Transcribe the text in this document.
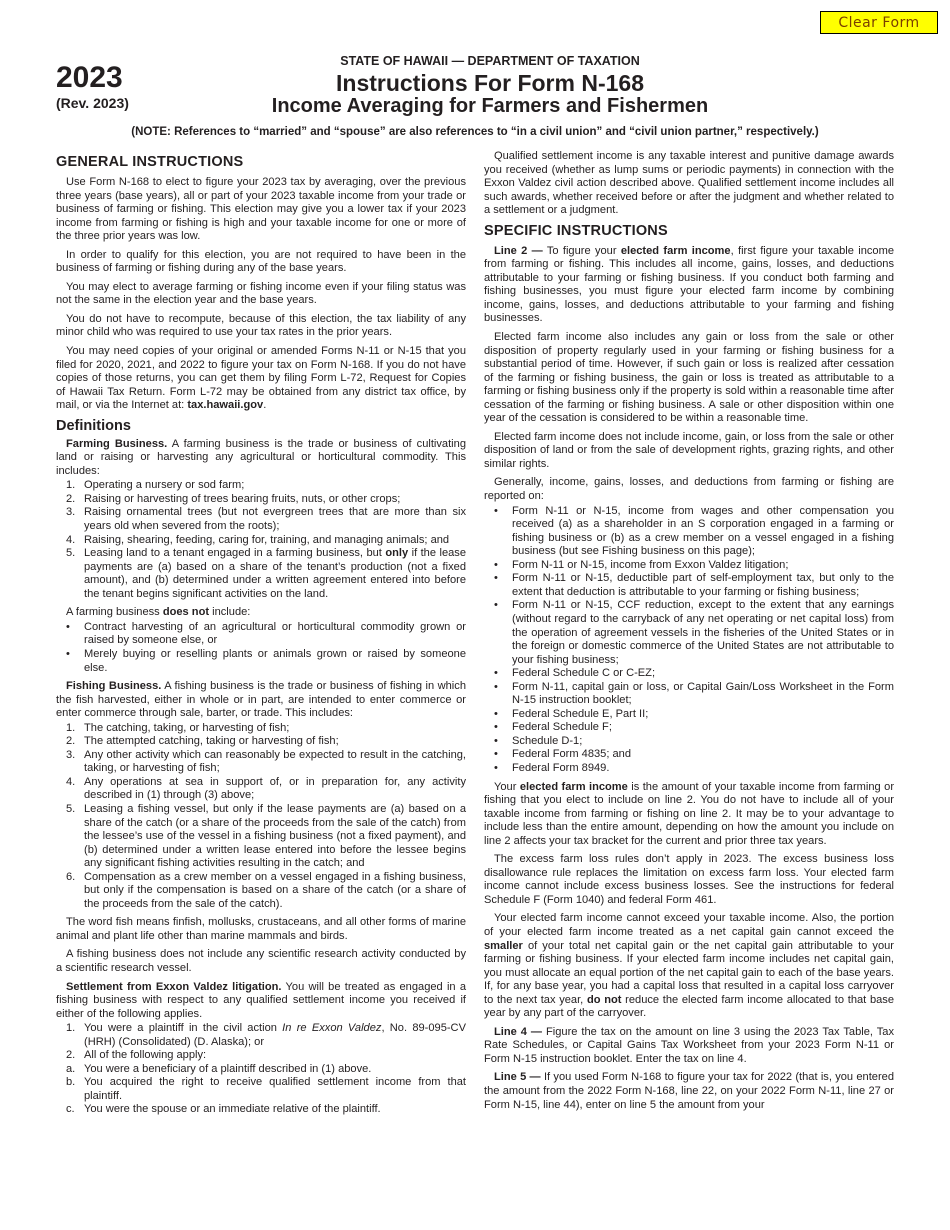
Clear Form
2023
(Rev. 2023)
STATE OF HAWAII — DEPARTMENT OF TAXATION
Instructions For Form N-168
Income Averaging for Farmers and Fishermen
(NOTE: References to “married” and “spouse” are also references to “in a civil union” and “civil union partner,” respectively.)
GENERAL INSTRUCTIONS

Use Form N-168 to elect to figure your 2023 tax by averaging, over the previous three years (base years), all or part of your 2023 taxable income from your trade or business of farming or fishing. This election may give you a lower tax if your 2023 income from farming or fishing is high and your taxable income for one or more of the three prior years was low.

In order to qualify for this election, you are not required to have been in the business of farming or fishing during any of the base years.

You may elect to average farming or fishing income even if your filing status was not the same in the election year and the base years.

You do not have to recompute, because of this election, the tax liability of any minor child who was required to use your tax rates in the prior years.

You may need copies of your original or amended Forms N-11 or N-15 that you filed for 2020, 2021, and 2022 to figure your tax on Form N-168. If you do not have copies of those returns, you can get them by filing Form L-72, Request for Copies of Hawaii Tax Return. Form L-72 may be obtained from any district tax office, by mail, or via the Internet at: tax.hawaii.gov.

Definitions

Farming Business. A farming business is the trade or business of cultivating land or raising or harvesting any agricultural or horticultural commodity. This includes:

1. Operating a nursery or sod farm;
2. Raising or harvesting of trees bearing fruits, nuts, or other crops;
3. Raising ornamental trees (but not evergreen trees that are more than six years old when severed from the roots);
4. Raising, shearing, feeding, caring for, training, and managing animals; and
5. Leasing land to a tenant engaged in a farming business, but only if the lease payments are (a) based on a share of the tenant’s production (not a fixed amount), and (b) determined under a written agreement entered into before the tenant begins significant activities on the land.

A farming business does not include:

•	Contract harvesting of an agricultural or horticultural commodity grown or raised by someone else, or
•	Merely buying or reselling plants or animals grown or raised by someone else.

Fishing Business. A fishing business is the trade or business of fishing in which the fish harvested, either in whole or in part, are intended to enter commerce or enter commerce through sale, barter, or trade. This includes:

1. The catching, taking, or harvesting of fish;
2. The attempted catching, taking or harvesting of fish;
3. Any other activity which can reasonably be expected to result in the catching, taking, or harvesting of fish;
4. Any operations at sea in support of, or in preparation for, any activity described in (1) through (3) above;
5. Leasing a fishing vessel, but only if the lease payments are (a) based on a share of the catch (or a share of the proceeds from the sale of the catch) from the lessee’s use of the vessel in a fishing business (not a fixed payment), and (b) determined under a written lease entered into before the lessee begins any significant fishing activities resulting in the catch; and
6. Compensation as a crew member on a vessel engaged in a fishing business, but only if the compensation is based on a share of the catch (or a share of the proceeds from the sale of the catch).

The word fish means finfish, mollusks, crustaceans, and all other forms of marine animal and plant life other than marine mammals and birds.

A fishing business does not include any scientific research activity conducted by a scientific research vessel.

Settlement from Exxon Valdez litigation. You will be treated as engaged in a fishing business with respect to any qualified settlement income you received if either of the following applies.

1. You were a plaintiff in the civil action In re Exxon Valdez, No. 89-095-CV (HRH) (Consolidated) (D. Alaska); or
2. All of the following apply:
a. You were a beneficiary of a plaintiff described in (1) above.
b. You acquired the right to receive qualified settlement income from that plaintiff.
c. You were the spouse or an immediate relative of the plaintiff.

Qualified settlement income is any taxable interest and punitive damage awards you received (whether as lump sums or periodic payments) in connection with the Exxon Valdez civil action described above. Qualified settlement income includes all such awards, whether received before or after the judgment and whether related to a settlement or a judgment.

SPECIFIC INSTRUCTIONS

Line 2 — To figure your elected farm income, first figure your taxable income from farming or fishing. This includes all income, gains, losses, and deductions attributable to your farming or fishing business. If you conduct both farming and fishing businesses, you must figure your elected farm income by combining income, gains, losses, and deductions attributable to your farming and fishing businesses.

Elected farm income also includes any gain or loss from the sale or other disposition of property regularly used in your farming or fishing business for a substantial period of time. However, if such gain or loss is realized after cessation of the farming or fishing business, the gain or loss is treated as attributable to a farming or fishing business only if the property is sold within a reasonable time after cessation of the farming or fishing business. A sale or other disposition within one year of the cessation is considered to be within a reasonable time.

Elected farm income does not include income, gain, or loss from the sale or other disposition of land or from the sale of development rights, grazing rights, and other similar rights.

Generally, income, gains, losses, and deductions from farming or fishing are reported on:

•	Form N-11 or N-15, income from wages and other compensation you received (a) as a shareholder in an S corporation engaged in a farming or fishing business or (b) as a crew member on a vessel engaged in a fishing business (but see Fishing business on this page);
•	Form N-11 or N-15, income from Exxon Valdez litigation;
•	Form N-11 or N-15, deductible part of self-employment tax, but only to the extent that deduction is attributable to your farming or fishing business;
•	Form N-11 or N-15, CCF reduction, except to the extent that any earnings (without regard to the carryback of any net operating or net capital loss) from the operation of agreement vessels in the fisheries of the United States or in the foreign or domestic commerce of the United States are not attributable to your fishing business;
•	Federal Schedule C or C-EZ;
•	Form N-11, capital gain or loss, or Capital Gain/Loss Worksheet in the Form N-15 instruction booklet;
•	Federal Schedule E, Part II;
•	Federal Schedule F;
•	Schedule D-1;
•	Federal Form 4835; and
•	Federal Form 8949.

Your elected farm income is the amount of your taxable income from farming or fishing that you elect to include on line 2. You do not have to include all of your taxable income from farming or fishing on line 2. It may be to your advantage to include less than the entire amount, depending on how the amount you include on line 2 affects your tax bracket for the current and prior three tax years.

The excess farm loss rules don’t apply in 2023. The excess business loss disallowance rule replaces the limitation on excess farm loss. Your elected farm income cannot include excess business losses. See the instructions for federal Schedule F (Form 1040) and federal Form 461.

Your elected farm income cannot exceed your taxable income. Also, the portion of your elected farm income treated as a net capital gain cannot exceed the smaller of your total net capital gain or the net capital gain attributable to your farming or fishing business. If your elected farm income includes net capital gain, you must allocate an equal portion of the net capital gain to each of the base years. If, for any base year, you had a capital loss that resulted in a capital loss carryover to the next tax year, do not reduce the elected farm income allocated to that base year by any part of the carryover.

Line 4 — Figure the tax on the amount on line 3 using the 2023 Tax Table, Tax Rate Schedules, or Capital Gains Tax Worksheet from your 2023 Form N-11 or Form N-15 instruction booklet. Enter the tax on line 4.

Line 5 — If you used Form N-168 to figure your tax for 2022 (that is, you entered the amount from the 2022 Form N-168, line 22, on your 2022 Form N-11, line 27 or Form N-15, line 44), enter on line 5 the amount from your
